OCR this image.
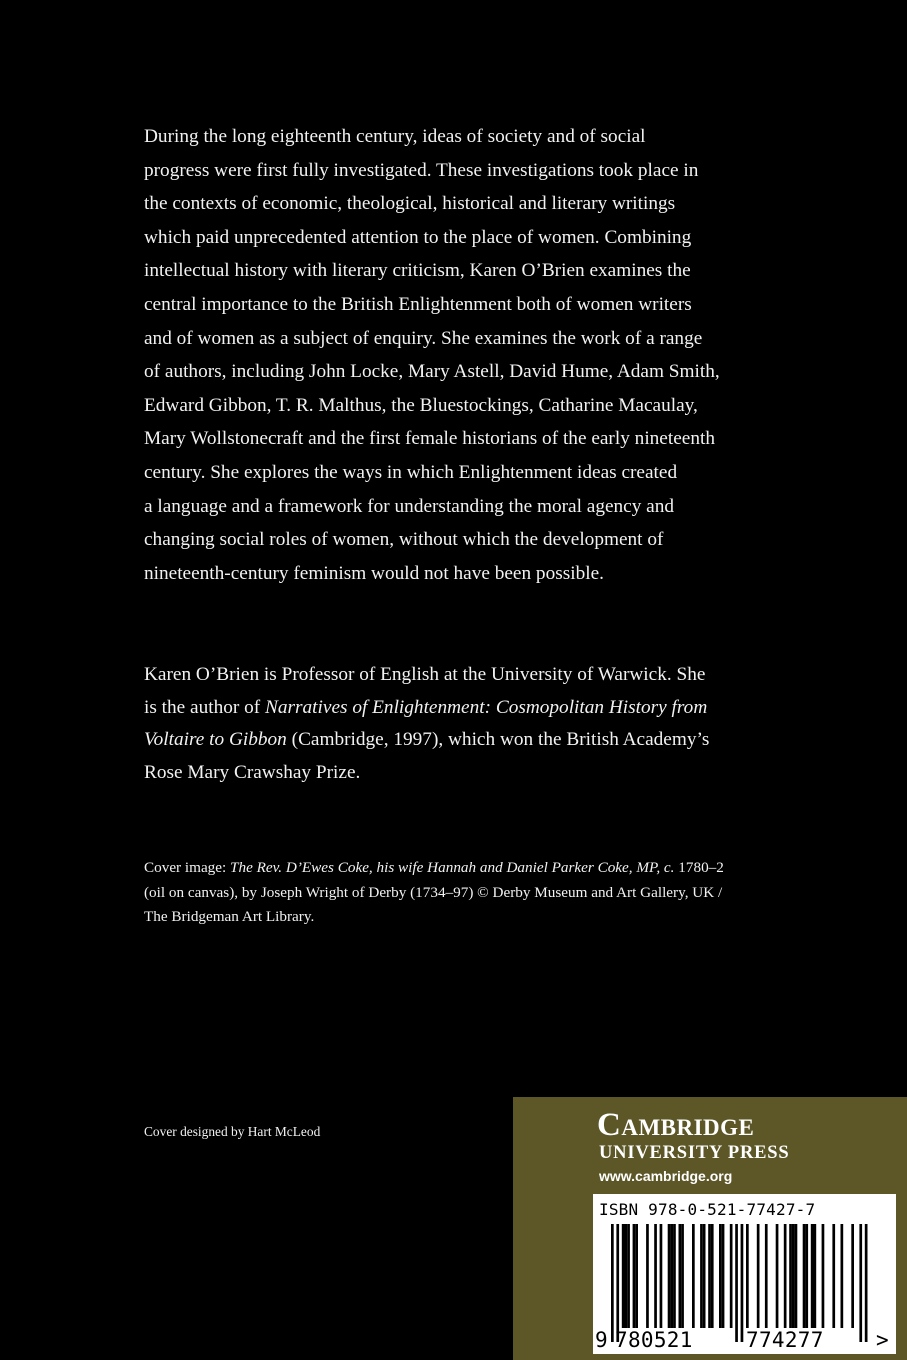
During the long eighteenth century, ideas of society and of social
progress were first fully investigated. These investigations took place in
the contexts of economic, theological, historical and literary writings
which paid unprecedented attention to the place of women. Combining
intellectual history with literary criticism, Karen O’Brien examines the
central importance to the British Enlightenment both of women writers
and of women as a subject of enquiry. She examines the work of a range
of authors, including John Locke, Mary Astell, David Hume, Adam Smith,
Edward Gibbon, T. R. Malthus, the Bluestockings, Catharine Macaulay,
Mary Wollstonecraft and the first female historians of the early nineteenth
century. She explores the ways in which Enlightenment ideas created
a language and a framework for understanding the moral agency and
changing social roles of women, without which the development of
nineteenth-century feminism would not have been possible.
Karen O’Brien is Professor of English at the University of Warwick. She
is the author of Narratives of Enlightenment: Cosmopolitan History from
Voltaire to Gibbon (Cambridge, 1997), which won the British Academy’s
Rose Mary Crawshay Prize.
Cover image: The Rev. D’Ewes Coke, his wife Hannah and Daniel Parker Coke, MP, c. 1780–2
(oil on canvas), by Joseph Wright of Derby (1734–97) © Derby Museum and Art Gallery, UK /
The Bridgeman Art Library.
Cover designed by Hart McLeod	Cambridge
UNIVERSITY PRESS
www.cambridge.org
ISBN 978-0-521-77427-7
9 780521	774277 >
